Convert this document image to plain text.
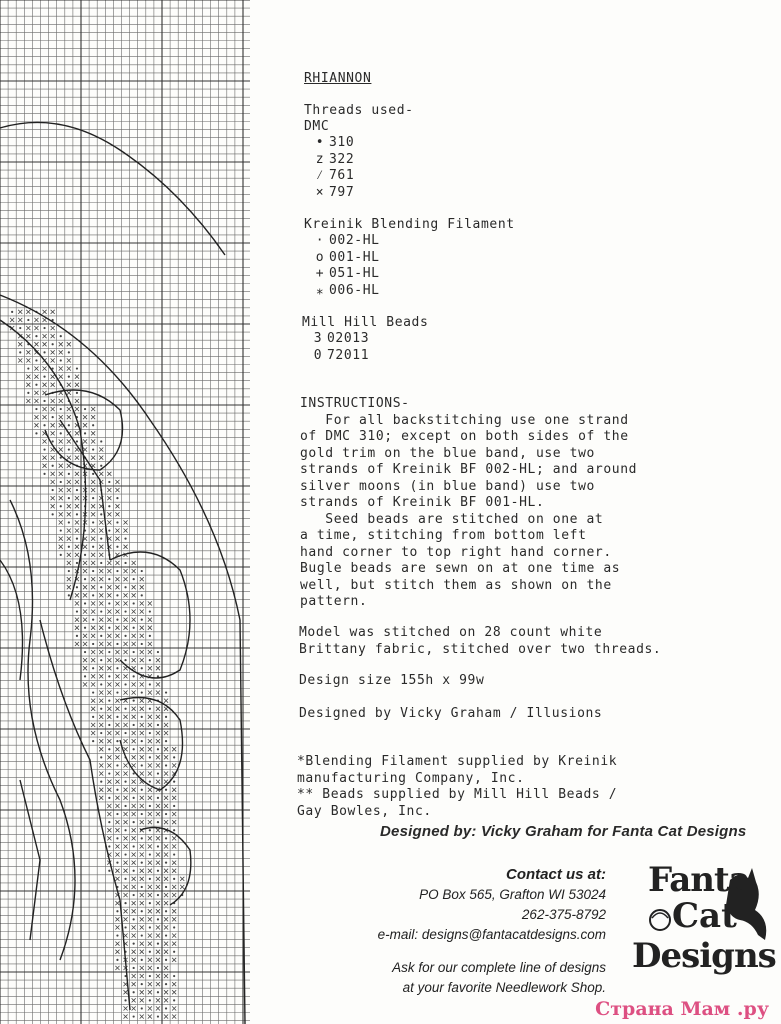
RHIANNON
Threads used-
DMC
• 310
z 322
⁄ 761
× 797
Kreinik Blending Filament
· 002-HL
o 001-HL
+ 051-HL
⁎ 006-HL
Mill Hill Beads
3 02013
0 72011
INSTRUCTIONS-
For all backstitching use one strand
of DMC 310; except on both sides of the
gold trim on the blue band, use two
strands of Kreinik BF 002-HL; and around
silver moons (in blue band) use two
strands of Kreinik BF 001-HL.
Seed beads are stitched on one at
a time, stitching from bottom left
hand corner to top right hand corner.
Bugle beads are sewn on at one time as
well, but stitch them as shown on the
pattern.
Model was stitched on 28 count white
Brittany fabric, stitched over two threads.
Design size 155h x 99w
Designed by Vicky Graham / Illusions
*Blending Filament supplied by Kreinik
manufacturing Company, Inc.
** Beads supplied by Mill Hill Beads /
Gay Bowles, Inc.
Designed by: Vicky Graham for Fanta Cat Designs
Contact us at:
PO Box 565, Grafton WI 53024
262-375-8792
e-mail: designs@fantacatdesigns.com
Ask for our complete line of designs
at your favorite Needlework Shop.
Fanta
Cat
Designs
Страна Мам .ру
